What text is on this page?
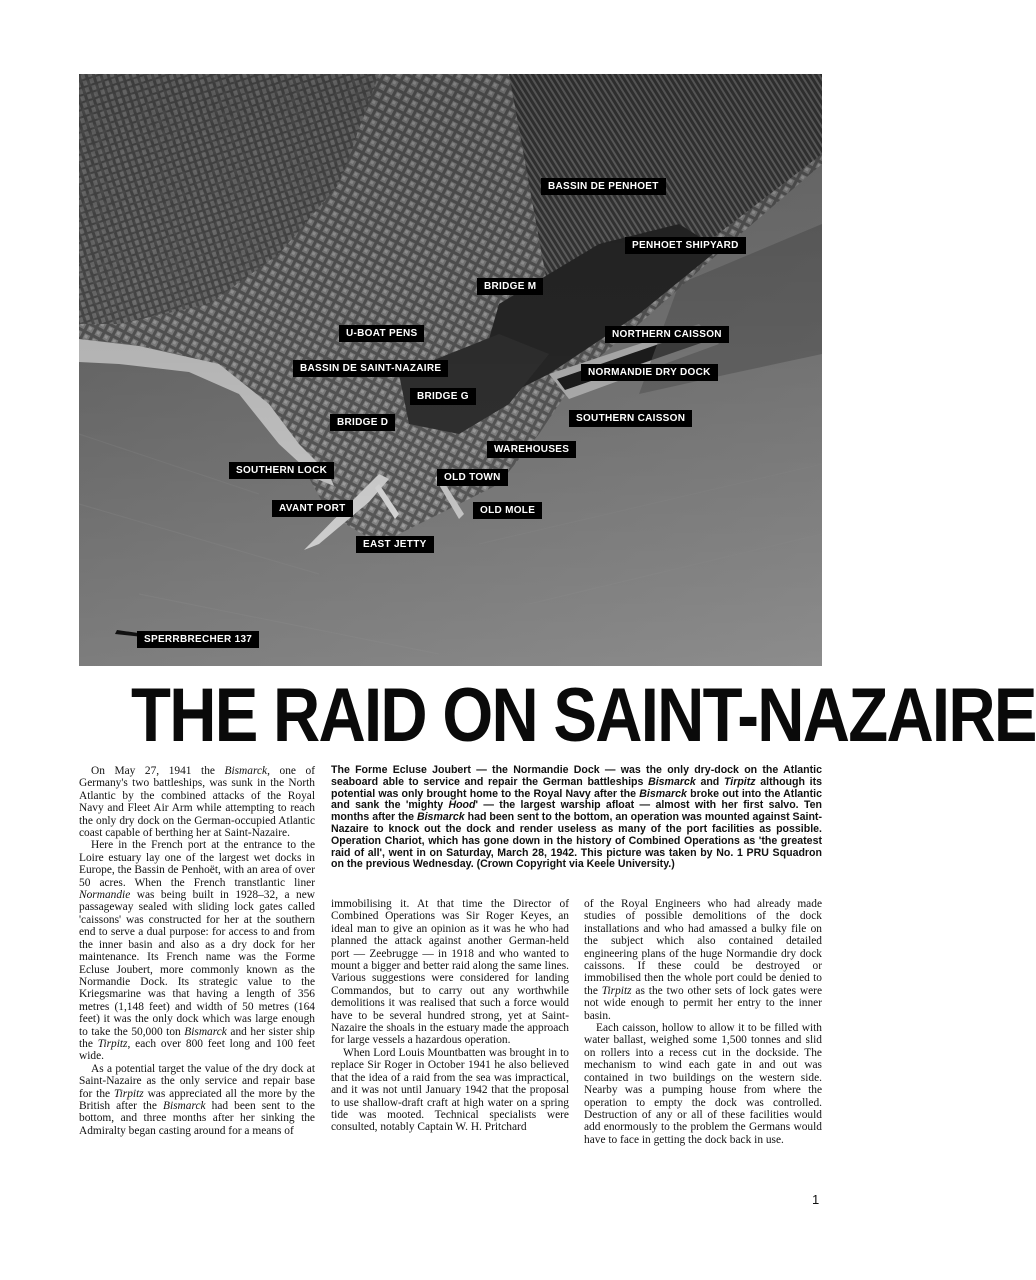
BASSIN DE PENHOET
PENHOET SHIPYARD
BRIDGE M
U-BOAT PENS	NORTHERN CAISSON
BASSIN DE SAINT-NAZAIRE	NORMANDIE DRY DOCK
BRIDGE G
BRIDGE D	SOUTHERN CAISSON
WAREHOUSES
SOUTHERN LOCK
OLD TOWN
AVANT PORT	OLD MOLE
EAST JETTY
SPERRBRECHER 137
THE RAID ON SAINT-NAZAIRE

On May 27, 1941 the Bismarck, one of Germany's two battleships, was sunk in the North Atlantic by the combined attacks of the Royal Navy and Fleet Air Arm while attempting to reach the only dry dock on the German-occupied Atlantic coast capable of berthing her at Saint-Nazaire.

Here in the French port at the entrance to the Loire estuary lay one of the largest wet docks in Europe, the Bassin de Penhoët, with an area of over 50 acres. When the French transtlantic liner Normandie was being built in 1928–32, a new passageway sealed with sliding lock gates called 'caissons' was constructed for her at the southern end to serve a dual purpose: for access to and from the inner basin and also as a dry dock for her maintenance. Its French name was the Forme Ecluse Joubert, more commonly known as the Normandie Dock. Its strategic value to the Kriegsmarine was that having a length of 356 metres (1,148 feet) and width of 50 metres (164 feet) it was the only dock which was large enough to take the 50,000 ton Bismarck and her sister ship the Tirpitz, each over 800 feet long and 100 feet wide.

As a potential target the value of the dry dock at Saint-Nazaire as the only service and repair base for the Tirpitz was appreciated all the more by the British after the Bismarck had been sent to the bottom, and three months after her sinking the Admiralty began casting around for a means of

The Forme Ecluse Joubert — the Normandie Dock — was the only dry-dock on the Atlantic seaboard able to service and repair the German battleships Bismarck and Tirpitz although its potential was only brought home to the Royal Navy after the Bismarck broke out into the Atlantic and sank the 'mighty Hood' — the largest warship afloat — almost with her first salvo. Ten months after the Bismarck had been sent to the bottom, an operation was mounted against Saint-Nazaire to knock out the dock and render useless as many of the port facilities as possible. Operation Chariot, which has gone down in the history of Combined Operations as 'the greatest raid of all', went in on Saturday, March 28, 1942. This picture was taken by No. 1 PRU Squadron on the previous Wednesday. (Crown Copyright via Keele University.)

immobilising it. At that time the Director of Combined Operations was Sir Roger Keyes, an ideal man to give an opinion as it was he who had planned the attack against another German-held port — Zeebrugge — in 1918 and who wanted to mount a bigger and better raid along the same lines. Various suggestions were considered for landing Commandos, but to carry out any worthwhile demolitions it was realised that such a force would have to be several hundred strong, yet at Saint-Nazaire the shoals in the estuary made the approach for large vessels a hazardous operation.

When Lord Louis Mountbatten was brought in to replace Sir Roger in October 1941 he also believed that the idea of a raid from the sea was impractical, and it was not until January 1942 that the proposal to use shallow-draft craft at high water on a spring tide was mooted. Technical specialists were consulted, notably Captain W. H. Pritchard

of the Royal Engineers who had already made studies of possible demolitions of the dock installations and who had amassed a bulky file on the subject which also contained detailed engineering plans of the huge Normandie dry dock caissons. If these could be destroyed or immobilised then the whole port could be denied to the Tirpitz as the two other sets of lock gates were not wide enough to permit her entry to the inner basin.

Each caisson, hollow to allow it to be filled with water ballast, weighed some 1,500 tonnes and slid on rollers into a recess cut in the dockside. The mechanism to wind each gate in and out was contained in two buildings on the western side. Nearby was a pumping house from where the operation to empty the dock was controlled. Destruction of any or all of these facilities would add enormously to the problem the Germans would have to face in getting the dock back in use.

1
